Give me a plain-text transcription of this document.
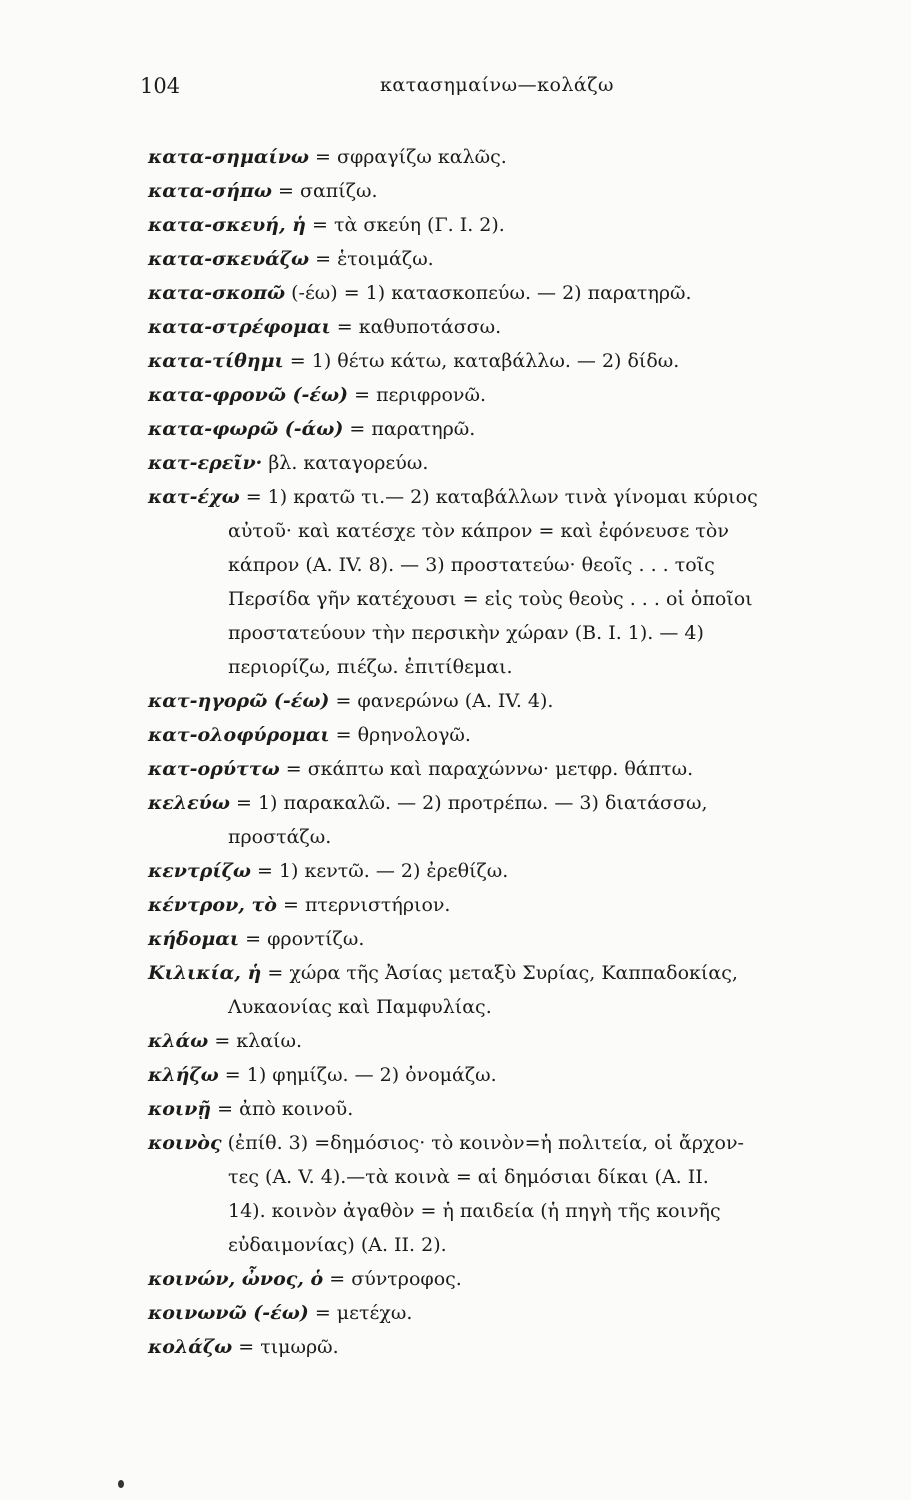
104	κατασημαίνω—κολάζω
κατα-σημαίνω = σφραγίζω καλῶς.
κατα-σήπω = σαπίζω.
κατα-σκευή, ἡ = τὰ σκεύη (Γ. Ι. 2).
κατα-σκευάζω = ἑτοιμάζω.
κατα-σκοπῶ (-έω) = 1) κατασκοπεύω. — 2) παρατηρῶ.
κατα-στρέφομαι = καθυποτάσσω.
κατα-τίθημι = 1) θέτω κάτω, καταβάλλω. — 2) δίδω.
κατα-φρονῶ (-έω) = περιφρονῶ.
κατα-φωρῶ (-άω) = παρατηρῶ.
κατ-ερεῖν· βλ. καταγορεύω.
κατ-έχω = 1) κρατῶ τι.— 2) καταβάλλων τινὰ γίνομαι κύριος
αὐτοῦ· καὶ κατέσχε τὸν κάπρον = καὶ ἐφόνευσε τὸν
κάπρον (Α. IV. 8). — 3) προστατεύω· θεοῖς . . . τοῖς
Περσίδα γῆν κατέχουσι = εἰς τοὺς θεοὺς . . . οἱ ὁποῖοι
προστατεύουν τὴν περσικὴν χώραν (Β. Ι. 1). — 4)
περιορίζω, πιέζω. ἐπιτίθεμαι.
κατ-ηγορῶ (-έω) = φανερώνω (Α. IV. 4).
κατ-ολοφύρομαι = θρηνολογῶ.
κατ-ορύττω = σκάπτω καὶ παραχώννω· μετφρ. θάπτω.
κελεύω = 1) παρακαλῶ. — 2) προτρέπω. — 3) διατάσσω,
προστάζω.
κεντρίζω = 1) κεντῶ. — 2) ἐρεθίζω.
κέντρον, τὸ = πτερνιστήριον.
κήδομαι = φροντίζω.
Κιλικία, ἡ = χώρα τῆς Ἀσίας μεταξὺ Συρίας, Καππαδοκίας,
Λυκαονίας καὶ Παμφυλίας.
κλάω = κλαίω.
κλήζω = 1) φημίζω. — 2) ὀνομάζω.
κοινῇ = ἀπὸ κοινοῦ.
κοινὸς (ἐπίθ. 3) =δημόσιος· τὸ κοινὸν=ἡ πολιτεία, οἱ ἄρχον-
τες (Α. V. 4).—τὰ κοινὰ = αἱ δημόσιαι δίκαι (Α. II.
14). κοινὸν ἀγαθὸν = ἡ παιδεία (ἡ πηγὴ τῆς κοινῆς
εὐδαιμονίας) (Α. II. 2).
κοινών, ὦνος, ὁ = σύντροφος.
κοινωνῶ (-έω) = μετέχω.
κολάζω = τιμωρῶ.
